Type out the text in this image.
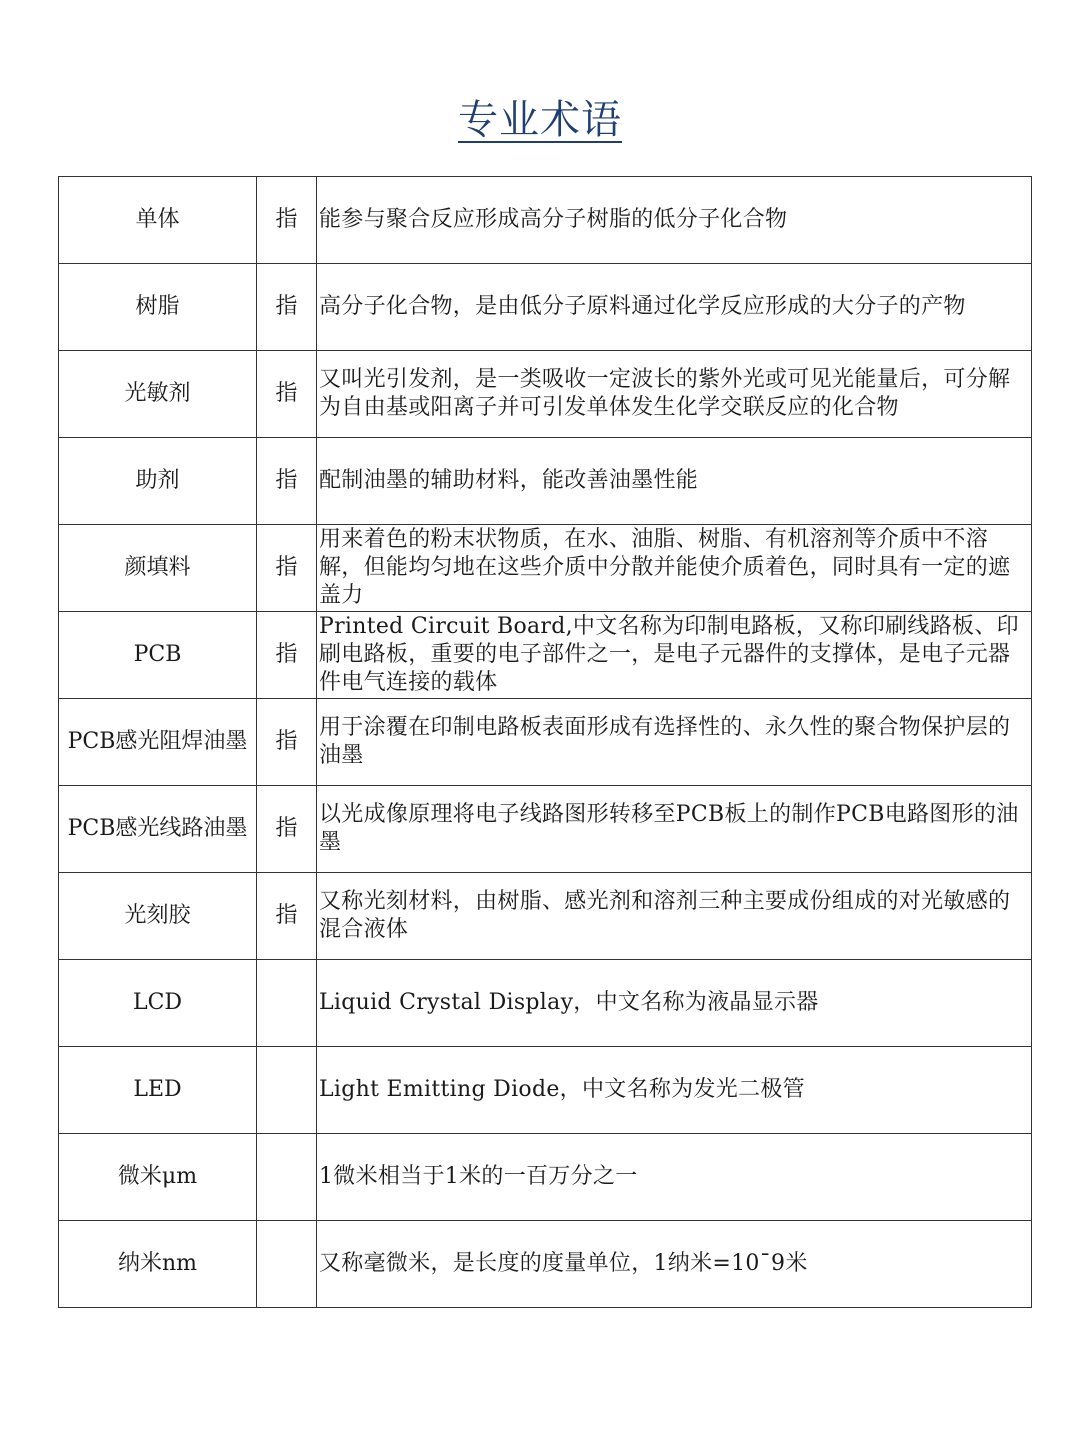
专业术语
单体	指	能参与聚合反应形成高分子树脂的低分子化合物
树脂	指	高分子化合物，是由低分子原料通过化学反应形成的大分子的产物
光敏剂	指	又叫光引发剂，是一类吸收一定波长的紫外光或可见光能量后，可分解为自由基或阳离子并可引发单体发生化学交联反应的化合物
助剂	指	配制油墨的辅助材料，能改善油墨性能
颜填料	指	用来着色的粉末状物质，在水、油脂、树脂、有机溶剂等介质中不溶解，但能均匀地在这些介质中分散并能使介质着色，同时具有一定的遮盖力
PCB	指	Printed Circuit Board,中文名称为印制电路板，又称印刷线路板、印刷电路板，重要的电子部件之一，是电子元器件的支撑体，是电子元器件电气连接的载体
PCB感光阻焊油墨	指	用于涂覆在印制电路板表面形成有选择性的、永久性的聚合物保护层的油墨
PCB感光线路油墨	指	以光成像原理将电子线路图形转移至PCB板上的制作PCB电路图形的油墨
光刻胶	指	又称光刻材料，由树脂、感光剂和溶剂三种主要成份组成的对光敏感的混合液体
LCD		Liquid Crystal Display，中文名称为液晶显示器
LED		Light Emitting Diode，中文名称为发光二极管
微米μm		1微米相当于1米的一百万分之一
纳米nm		又称毫微米，是长度的度量单位，1纳米=10¯9米
